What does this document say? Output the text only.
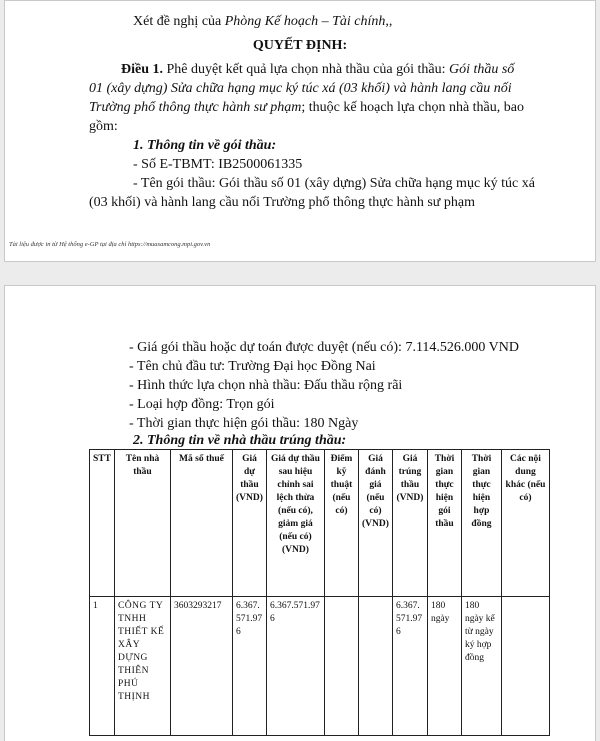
Xét đề nghị của Phòng Kế hoạch – Tài chính,,
QUYẾT ĐỊNH:
Điều 1. Phê duyệt kết quả lựa chọn nhà thầu của gói thầu: Gói thầu số
01 (xây dựng) Sửa chữa hạng mục ký túc xá (03 khối) và hành lang cầu nối
Trường phổ thông thực hành sư phạm; thuộc kế hoạch lựa chọn nhà thầu, bao
gồm:
1. Thông tin về gói thầu:
- Số E-TBMT: IB2500061335
- Tên gói thầu: Gói thầu số 01 (xây dựng) Sửa chữa hạng mục ký túc xá
(03 khối) và hành lang cầu nối Trường phổ thông thực hành sư phạm
Tài liệu được in từ Hệ thống e-GP tại địa chỉ https://muasamcong.mpi.gov.vn
- Giá gói thầu hoặc dự toán được duyệt (nếu có): 7.114.526.000 VND
- Tên chủ đầu tư: Trường Đại học Đồng Nai
- Hình thức lựa chọn nhà thầu: Đấu thầu rộng rãi
- Loại hợp đồng: Trọn gói
- Thời gian thực hiện gói thầu: 180 Ngày
2. Thông tin về nhà thầu trúng thầu:
STT	Tên nhà thầu	Mã số thuế	Giá dự thầu (VND)	Giá dự thầu sau hiệu chỉnh sai lệch thừa (nếu có), giảm giá (nếu có) (VND)	Điểm kỹ thuật (nếu có)	Giá đánh giá (nếu có) (VND)	Giá trúng thầu (VND)	Thời gian thực hiện gói thầu	Thời gian thực hiện hợp đồng	Các nội dung khác (nếu có)
1	CÔNG TY TNHH THIẾT KẾ XÂY DỰNG THIÊN PHÚ THỊNH	3603293217	6.367.571.976	6.367.571.976			6.367.571.976	180 ngày	180 ngày kể từ ngày ký hợp đồng	
